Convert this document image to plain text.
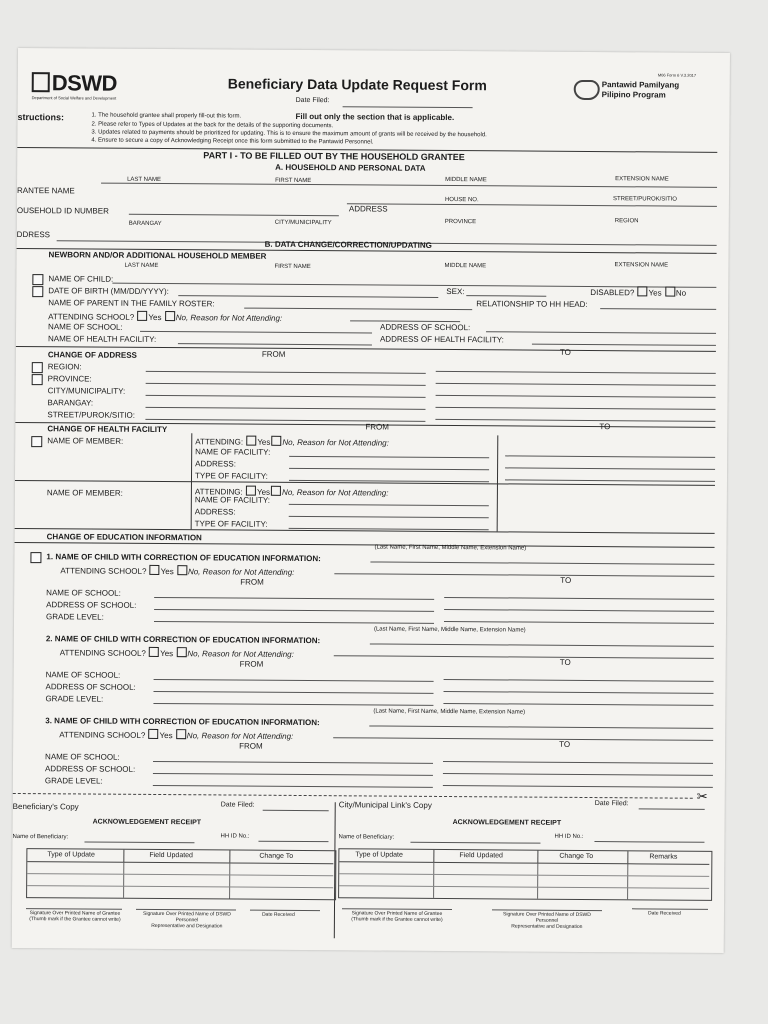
DSWD
Department of Social Welfare and Development
Beneficiary Data Update Request Form
Date Filed:
M06 Form 6 V.3.2017
Pantawid Pamilyang
Pilipino Program
structions:	1. The household grantee shall properly fill-out this form.	Fill out only the section that is applicable.
2. Please refer to Types of Updates at the back for the details of the supporting documents.
3. Updates related to payments should be prioritized for updating. This is to ensure the maximum amount of grants will be received by the household.
4. Ensure to secure a copy of Acknowledging Receipt once this form submitted to the Pantawid Personnel.
PART I - TO BE FILLED OUT BY THE HOUSEHOLD GRANTEE
A. HOUSEHOLD AND PERSONAL DATA
LAST NAME	FIRST NAME	MIDDLE NAME	EXTENSION NAME
RANTEE NAME
HOUSE NO.	STREET/PUROK/SITIO
OUSEHOLD ID NUMBER	ADDRESS
BARANGAY	CITY/MUNICIPALITY	PROVINCE	REGION
DDRESS
B. DATA CHANGE/CORRECTION/UPDATING
NEWBORN AND/OR ADDITIONAL HOUSEHOLD MEMBER
LAST NAME	FIRST NAME	MIDDLE NAME	EXTENSION NAME
NAME OF CHILD:
DATE OF BIRTH (MM/DD/YYYY):	SEX:	DISABLED? Yes No
NAME OF PARENT IN THE FAMILY ROSTER:	RELATIONSHIP TO HH HEAD:
ATTENDING SCHOOL? Yes No, Reason for Not Attending:
NAME OF SCHOOL:	ADDRESS OF SCHOOL:
NAME OF HEALTH FACILITY:	ADDRESS OF HEALTH FACILITY:
CHANGE OF ADDRESS	FROM	TO
REGION:
PROVINCE:
CITY/MUNICIPALITY:
BARANGAY:
STREET/PUROK/SITIO:
CHANGE OF HEALTH FACILITY	FROM	TO
NAME OF MEMBER:	ATTENDING: Yes No, Reason for Not Attending:
NAME OF FACILITY:
ADDRESS:
TYPE OF FACILITY:
NAME OF MEMBER:	ATTENDING: Yes No, Reason for Not Attending:
NAME OF FACILITY:
ADDRESS:
TYPE OF FACILITY:
CHANGE OF EDUCATION INFORMATION
(Last Name, First Name, Middle Name, Extension Name)
1. NAME OF CHILD WITH CORRECTION OF EDUCATION INFORMATION:
ATTENDING SCHOOL? Yes No, Reason for Not Attending:
FROM	TO
NAME OF SCHOOL:
ADDRESS OF SCHOOL:
GRADE LEVEL:
(Last Name, First Name, Middle Name, Extension Name)
2. NAME OF CHILD WITH CORRECTION OF EDUCATION INFORMATION:
ATTENDING SCHOOL? Yes No, Reason for Not Attending:
FROM	TO
NAME OF SCHOOL:
ADDRESS OF SCHOOL:
GRADE LEVEL:
(Last Name, First Name, Middle Name, Extension Name)
3. NAME OF CHILD WITH CORRECTION OF EDUCATION INFORMATION:
ATTENDING SCHOOL? Yes No, Reason for Not Attending:
FROM	TO
NAME OF SCHOOL:
ADDRESS OF SCHOOL:
GRADE LEVEL:
✂
Beneficiary's Copy	Date Filed:	City/Municipal Link's Copy	Date Filed:
ACKNOWLEDGEMENT RECEIPT	ACKNOWLEDGEMENT RECEIPT
Name of Beneficiary:	HH ID No.:	Name of Beneficiary:	HH ID No.:
Type of Update	Field Updated	Change To	Type of Update	Field Updated	Change To	Remarks
Signature Over Printed Name of Grantee
(Thumb mark if the Grantee cannot write)
Signature Over Printed Name of DSWD Personnel
Representative and Designation
Date Received	Signature Over Printed Name of Grantee
(Thumb mark if the Grantee cannot write)
Signature Over Printed Name of DSWD Personnel
Representative and Designation
Date Received
